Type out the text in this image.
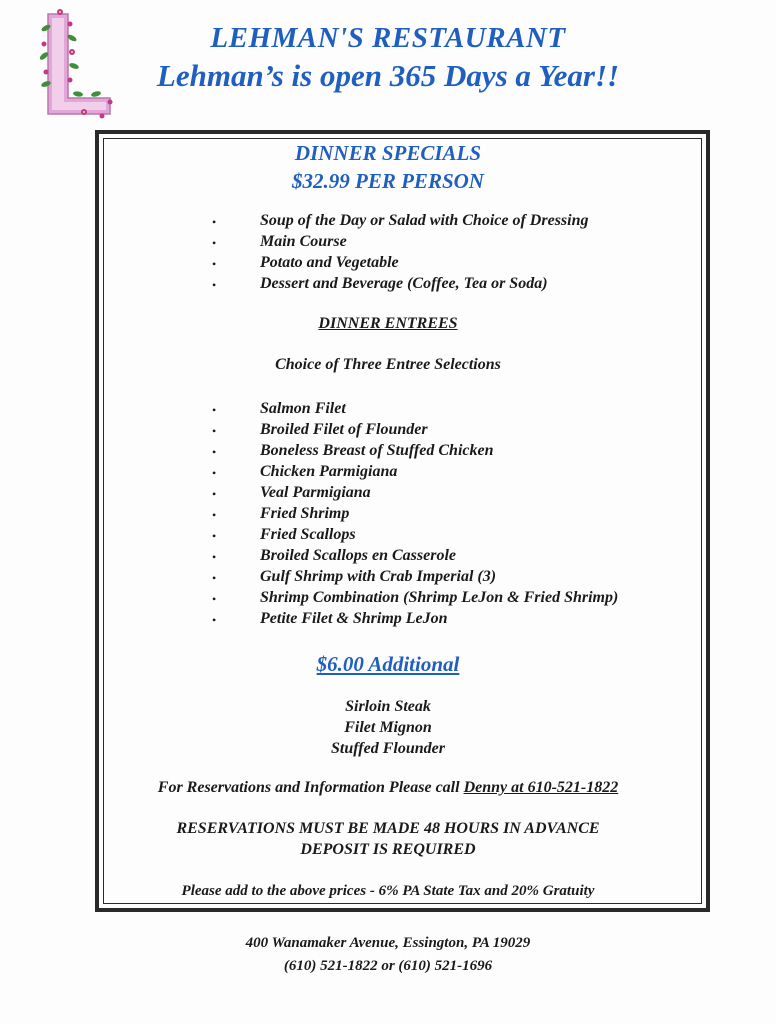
LEHMAN'S RESTAURANT
Lehman’s is open 365 Days a Year!!
DINNER SPECIALS
$32.99 PER PERSON
•	Soup of the Day or Salad with Choice of Dressing
•	Main Course
•	Potato and Vegetable
•	Dessert and Beverage (Coffee, Tea or Soda)
DINNER ENTREES
Choice of Three Entree Selections
•	Salmon Filet
•	Broiled Filet of Flounder
•	Boneless Breast of Stuffed Chicken
•	Chicken Parmigiana
•	Veal Parmigiana
•	Fried Shrimp
•	Fried Scallops
•	Broiled Scallops en Casserole
•	Gulf Shrimp with Crab Imperial (3)
•	Shrimp Combination (Shrimp LeJon & Fried Shrimp)
•	Petite Filet & Shrimp LeJon
$6.00 Additional
Sirloin Steak
Filet Mignon
Stuffed Flounder
For Reservations and Information Please call Denny at 610-521-1822
RESERVATIONS MUST BE MADE 48 HOURS IN ADVANCE
DEPOSIT IS REQUIRED
Please add to the above prices - 6% PA State Tax and 20% Gratuity
400 Wanamaker Avenue, Essington, PA 19029
(610) 521-1822 or (610) 521-1696
